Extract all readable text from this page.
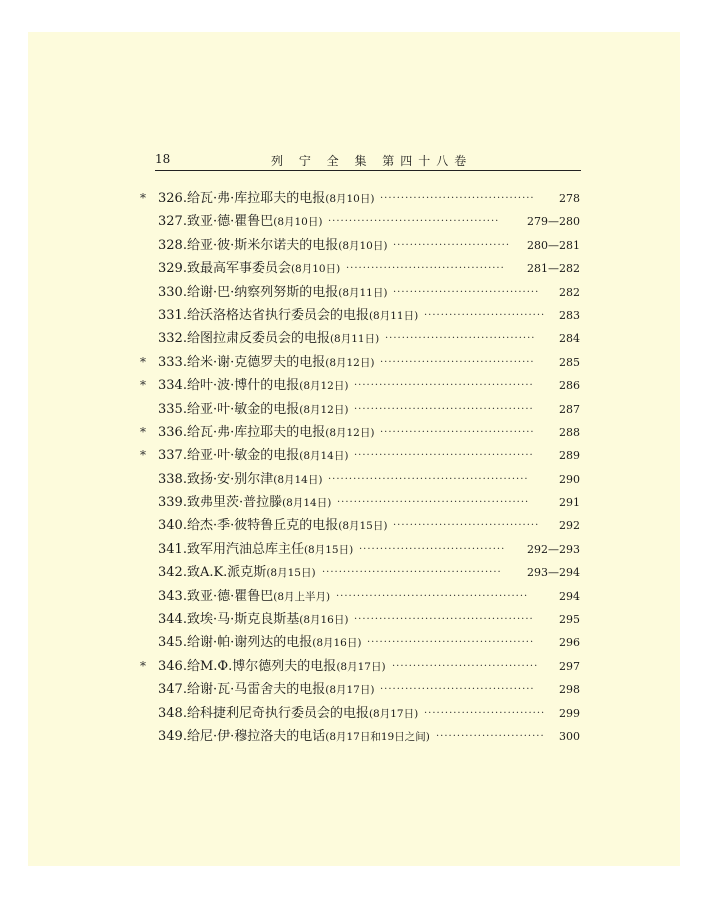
18	列 宁 全 集 第四十八卷
* 326.给瓦·弗·库拉耶夫的电报(8月10日) ·····································	278
327.致亚·德·瞿鲁巴(8月10日) ·········································	279—280
328.给亚·彼·斯米尔诺夫的电报(8月10日) ····························	280—281
329.致最高军事委员会(8月10日) ······································	281—282
330.给谢·巴·纳察列努斯的电报(8月11日) ···································	282
331.给沃洛格达省执行委员会的电报(8月11日) ·····························	283
332.给图拉肃反委员会的电报(8月11日) ····································	284
* 333.给米·谢·克德罗夫的电报(8月12日) ·····································	285
* 334.给叶·波·博什的电报(8月12日) ···········································	286
335.给亚·叶·敏金的电报(8月12日) ···········································	287
* 336.给瓦·弗·库拉耶夫的电报(8月12日) ·····································	288
* 337.给亚·叶·敏金的电报(8月14日) ···········································	289
338.致扬·安·别尔津(8月14日) ················································	290
339.致弗里茨·普拉滕(8月14日) ··············································	291
340.给杰·季·彼特鲁丘克的电报(8月15日) ···································	292
341.致军用汽油总库主任(8月15日) ···································	292—293
342.致A.K.派克斯(8月15日) ···········································	293—294
343.致亚·德·瞿鲁巴(8月上半月) ··············································	294
344.致埃·马·斯克良斯基(8月16日) ···········································	295
345.给谢·帕·谢列达的电报(8月16日) ········································	296
* 346.给M.Ф.博尔德列夫的电报(8月17日) ···································	297
347.给谢·瓦·马雷舍夫的电报(8月17日) ·····································	298
348.给科捷利尼奇执行委员会的电报(8月17日) ·····························	299
349.给尼·伊·穆拉洛夫的电话(8月17日和19日之间) ··························	300
